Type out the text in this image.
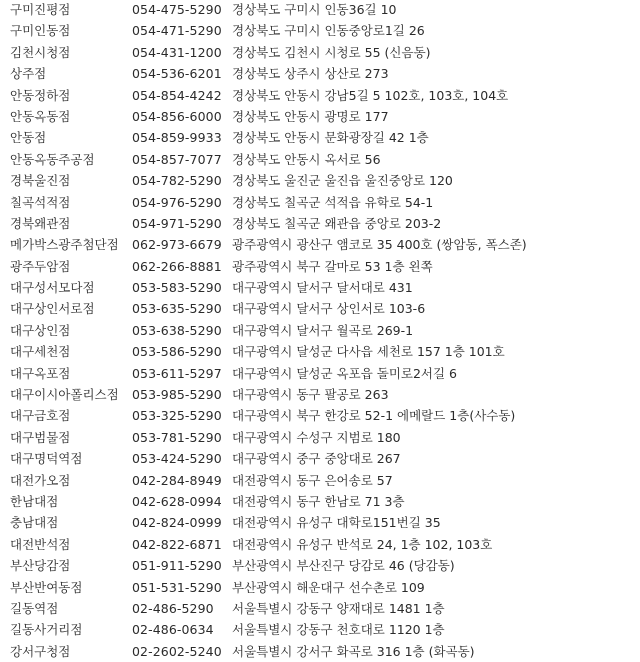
구미진평점	054-475-5290 경상북도 구미시 인동36길 10
구미인동점	054-471-5290 경상북도 구미시 인동중앙로1길 26
김천시청점	054-431-1200 경상북도 김천시 시청로 55 (신음동)
상주점	054-536-6201 경상북도 상주시 상산로 273
안동정하점	054-854-4242 경상북도 안동시 강남5길 5 102호, 103호, 104호
안동옥동점	054-856-6000 경상북도 안동시 광명로 177
안동점	054-859-9933 경상북도 안동시 문화광장길 42 1층
안동옥동주공점	054-857-7077 경상북도 안동시 옥서로 56
경북울진점	054-782-5290 경상북도 울진군 울진읍 울진중앙로 120
칠곡석적점	054-976-5290 경상북도 칠곡군 석적읍 유학로 54-1
경북왜관점	054-971-5290 경상북도 칠곡군 왜관읍 중앙로 203-2
메가박스광주첨단점	062-973-6679 광주광역시 광산구 앰코로 35 400호 (쌍암동, 폭스존)
광주두암점	062-266-8881 광주광역시 북구 갈마로 53 1층 왼쪽
대구성서모다점	053-583-5290 대구광역시 달서구 달서대로 431
대구상인서로점	053-635-5290 대구광역시 달서구 상인서로 103-6
대구상인점	053-638-5290 대구광역시 달서구 월곡로 269-1
대구세천점	053-586-5290 대구광역시 달성군 다사읍 세천로 157 1층 101호
대구옥포점	053-611-5297 대구광역시 달성군 옥포읍 돌미로2서길 6
대구이시아폴리스점	053-985-5290 대구광역시 동구 팔공로 263
대구금호점	053-325-5290 대구광역시 북구 한강로 52-1 에메랄드 1층(사수동)
대구범물점	053-781-5290 대구광역시 수성구 지범로 180
대구명덕역점	053-424-5290 대구광역시 중구 중앙대로 267
대전가오점	042-284-8949 대전광역시 동구 은어송로 57
한남대점	042-628-0994 대전광역시 동구 한남로 71 3층
충남대점	042-824-0999 대전광역시 유성구 대학로151번길 35
대전반석점	042-822-6871 대전광역시 유성구 반석로 24, 1층 102, 103호
부산당감점	051-911-5290 부산광역시 부산진구 당감로 46 (당감동)
부산반여동점	051-531-5290 부산광역시 해운대구 선수촌로 109
길동역점	02-486-5290	서울특별시 강동구 양재대로 1481 1층
길동사거리점	02-486-0634	서울특별시 강동구 천호대로 1120 1층
강서구청점	02-2602-5240 서울특별시 강서구 화곡로 316 1층 (화곡동)
